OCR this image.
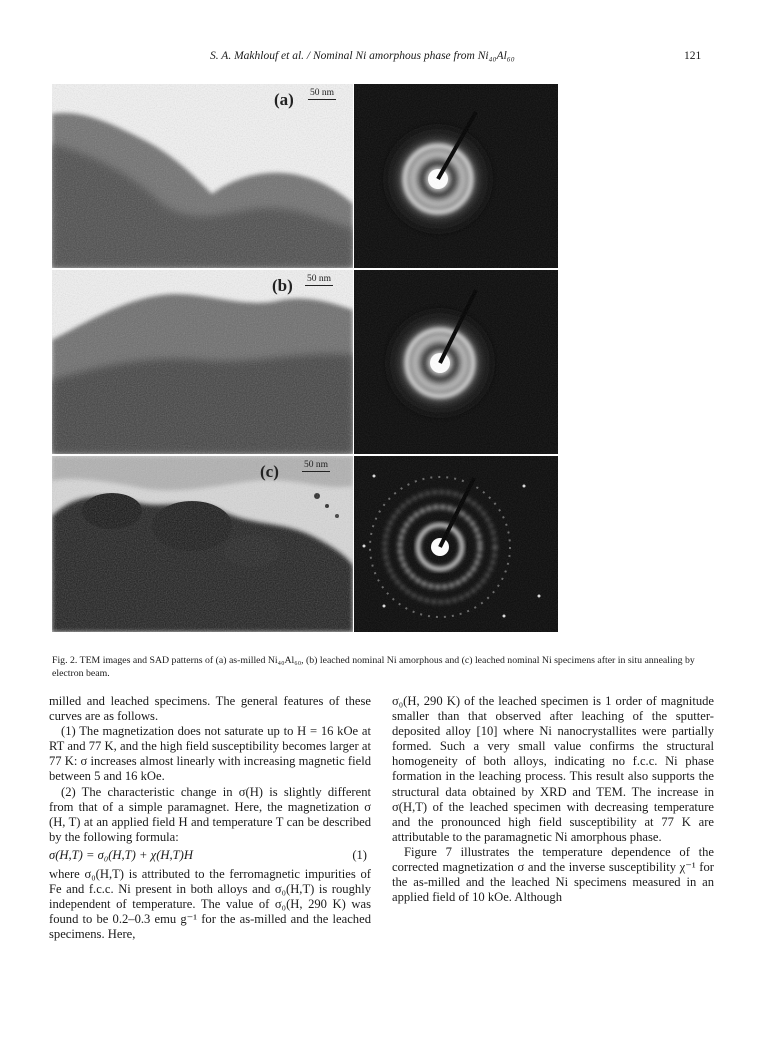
S. A. Makhlouf et al. / Nominal Ni amorphous phase from Ni₄₀Al₆₀	121
(a) 50 nm
(b) 50 nm
(c)	50 nm
Fig. 2. TEM images and SAD patterns of (a) as-milled Ni₄₀Al₆₀, (b) leached nominal Ni amorphous and (c) leached nominal Ni specimens after in situ annealing by electron beam.

milled and leached specimens. The general features of these curves are as follows.

(1) The magnetization does not saturate up to H = 16 kOe at RT and 77 K, and the high field susceptibility becomes larger at 77 K: σ increases almost linearly with increasing magnetic field between 5 and 16 kOe.

(2) The characteristic change in σ(H) is slightly different from that of a simple paramagnet. Here, the magnetization σ (H, T) at an applied field H and temperature T can be described by the following formula:

σ(H,T) = σ₀(H,T) + χ(H,T)H	(1)

where σ₀(H,T) is attributed to the ferromagnetic impurities of Fe and f.c.c. Ni present in both alloys and σ₀(H,T) is roughly independent of temperature. The value of σ₀(H, 290 K) was found to be 0.2–0.3 emu g⁻¹ for the as-milled and the leached specimens. Here,

σ₀(H, 290 K) of the leached specimen is 1 order of magnitude smaller than that observed after leaching of the sputter-deposited alloy [10] where Ni nanocrystallites were partially formed. Such a very small value confirms the structural homogeneity of both alloys, indicating no f.c.c. Ni phase formation in the leaching process. This result also supports the structural data obtained by XRD and TEM. The increase in σ(H,T) of the leached specimen with decreasing temperature and the pronounced high field susceptibility at 77 K are attributable to the paramagnetic Ni amorphous phase.

Figure 7 illustrates the temperature dependence of the corrected magnetization σ and the inverse susceptibility χ⁻¹ for the as-milled and the leached Ni specimens measured in an applied field of 10 kOe. Although
